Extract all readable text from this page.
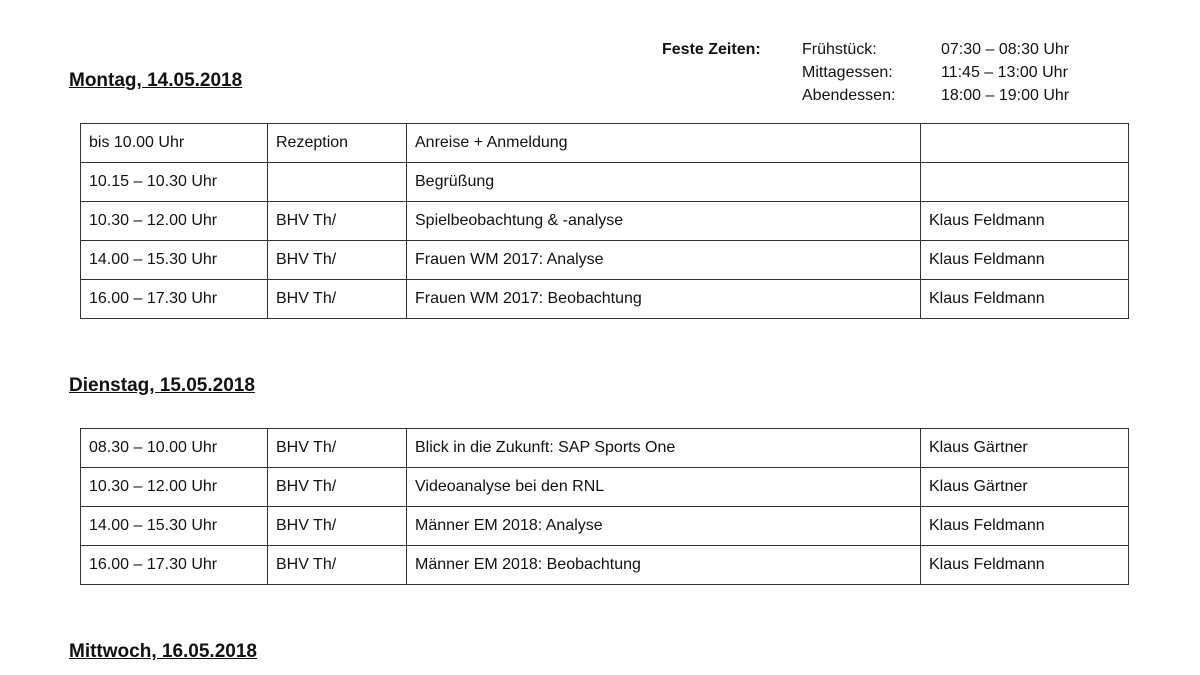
Feste Zeiten:	Frühstück:	07:30 – 08:30 Uhr
Mittagessen:	11:45 – 13:00 Uhr
Abendessen:	18:00 – 19:00 Uhr
Montag, 14.05.2018
bis 10.00 Uhr	Rezeption	Anreise + Anmeldung	
10.15 – 10.30 Uhr		Begrüßung	
10.30 – 12.00 Uhr	BHV Th/	Spielbeobachtung & -analyse	Klaus Feldmann
14.00 – 15.30 Uhr	BHV Th/	Frauen WM 2017: Analyse	Klaus Feldmann
16.00 – 17.30 Uhr	BHV Th/	Frauen WM 2017: Beobachtung	Klaus Feldmann
Dienstag, 15.05.2018
08.30 – 10.00 Uhr	BHV Th/	Blick in die Zukunft: SAP Sports One	Klaus Gärtner
10.30 – 12.00 Uhr	BHV Th/	Videoanalyse bei den RNL	Klaus Gärtner
14.00 – 15.30 Uhr	BHV Th/	Männer EM 2018: Analyse	Klaus Feldmann
16.00 – 17.30 Uhr	BHV Th/	Männer EM 2018: Beobachtung	Klaus Feldmann
Mittwoch, 16.05.2018
